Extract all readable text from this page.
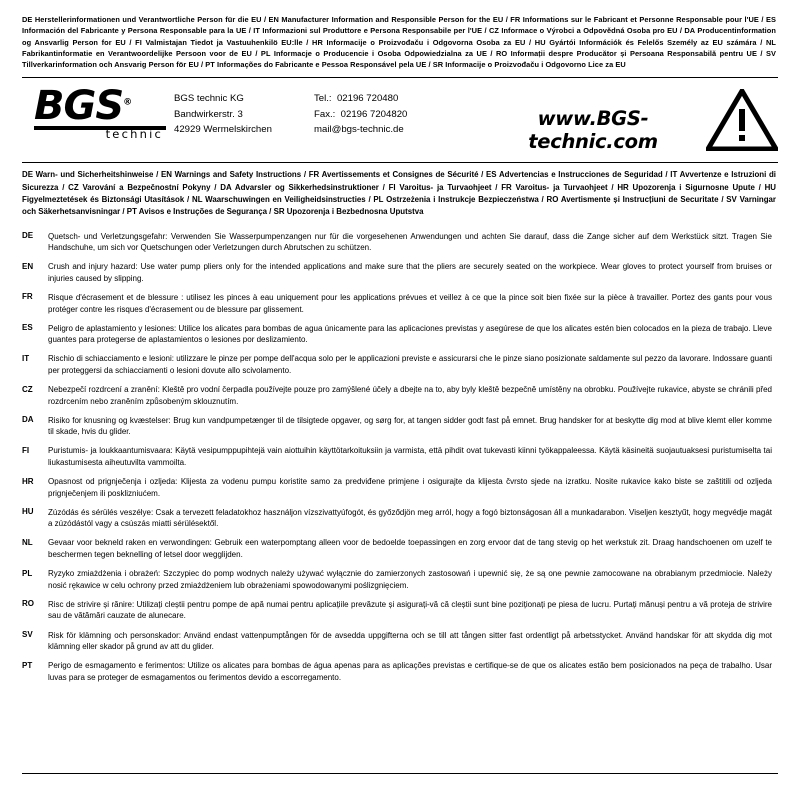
DE Herstellerinformationen und Verantwortliche Person für die EU / EN Manufacturer Information and Responsible Person for the EU / FR Informations sur le Fabricant et Personne Responsable pour l'UE / ES Información del Fabricante y Persona Responsable para la UE / IT Informazioni sul Produttore e Persona Responsabile per l'UE / CZ Informace o Výrobci a Odpovědná Osoba pro EU / DA Producentinformation og Ansvarlig Person for EU / FI Valmistajan Tiedot ja Vastuuhenkilö EU:lle / HR Informacije o Proizvođaču i Odgovorna Osoba za EU / HU Gyártói Információk és Felelős Személy az EU számára / NL Fabrikantinformatie en Verantwoordelijke Persoon voor de EU / PL Informacje o Producencie i Osoba Odpowiedzialna za UE / RO Informații despre Producător și Persoana Responsabilă pentru UE / SV Tillverkarinformation och Ansvarig Person för EU / PT Informações do Fabricante e Pessoa Responsável pela UE / SR Informacije o Proizvođaču i Odgovorno Lice za EU
BGS®
technic
BGS technic KG
Bandwirkerstr. 3
42929 Wermelskirchen
Tel.: 02196 720480
Fax.: 02196 7204820
mail@bgs-technic.de	www.BGS-technic.com
DE Warn- und Sicherheitshinweise / EN Warnings and Safety Instructions / FR Avertissements et Consignes de Sécurité / ES Advertencias e Instrucciones de Seguridad / IT Avvertenze e Istruzioni di Sicurezza / CZ Varování a Bezpečnostní Pokyny / DA Advarsler og Sikkerhedsinstruktioner / FI Varoitus- ja Turvaohjeet / FR Varoitus- ja Turvaohjeet / HR Upozorenja i Sigurnosne Upute / HU Figyelmeztetések és Biztonsági Utasítások / NL Waarschuwingen en Veiligheidsinstructies / PL Ostrzeżenia i Instrukcje Bezpieczeństwa / RO Avertismente și Instrucțiuni de Securitate / SV Varningar och Säkerhetsanvisningar / PT Avisos e Instruções de Segurança / SR Upozorenja i Bezbednosna Uputstva
DE	Quetsch- und Verletzungsgefahr: Verwenden Sie Wasserpumpenzangen nur für die vorgesehenen Anwendungen und achten Sie darauf, dass die Zange sicher auf dem Werkstück sitzt. Tragen Sie Handschuhe, um sich vor Quetschungen oder Verletzungen durch Abrutschen zu schützen.
EN	Crush and injury hazard: Use water pump pliers only for the intended applications and make sure that the pliers are securely seated on the workpiece. Wear gloves to protect yourself from bruises or injuries caused by slipping.
FR	Risque d'écrasement et de blessure : utilisez les pinces à eau uniquement pour les applications prévues et veillez à ce que la pince soit bien fixée sur la pièce à travailler. Portez des gants pour vous protéger contre les risques d'écrasement ou de blessure par glissement.
ES	Peligro de aplastamiento y lesiones: Utilice los alicates para bombas de agua únicamente para las aplicaciones previstas y asegúrese de que los alicates estén bien colocados en la pieza de trabajo. Lleve guantes para protegerse de aplastamientos o lesiones por deslizamiento.
IT	Rischio di schiacciamento e lesioni: utilizzare le pinze per pompe dell'acqua solo per le applicazioni previste e assicurarsi che le pinze siano posizionate saldamente sul pezzo da lavorare. Indossare guanti per proteggersi da schiacciamenti o lesioni dovute allo scivolamento.
CZ	Nebezpečí rozdrcení a zranění: Kleště pro vodní čerpadla používejte pouze pro zamýšlené účely a dbejte na to, aby byly kleště bezpečně umístěny na obrobku. Používejte rukavice, abyste se chránili před rozdrcením nebo zraněním způsobeným sklouznutím.
DA	Risiko for knusning og kvæstelser: Brug kun vandpumpetænger til de tilsigtede opgaver, og sørg for, at tangen sidder godt fast på emnet. Brug handsker for at beskytte dig mod at blive klemt eller komme til skade, hvis du glider.
FI	Puristumis- ja loukkaantumisvaara: Käytä vesipumppupihtejä vain aiottuihin käyttötarkoituksiin ja varmista, että pihdit ovat tukevasti kiinni työkappaleessa. Käytä käsineitä suojautuaksesi puristumiselta tai liukastumisesta aiheutuvilta vammoilta.
HR	Opasnost od prignječenja i ozljeda: Klijesta za vodenu pumpu koristite samo za predviđene primjene i osigurajte da klijesta čvrsto sjede na izratku. Nosite rukavice kako biste se zaštitili od ozljeda prignječenjem ili posklizniućem.
HU	Zúzódás és sérülés veszélye: Csak a tervezett feladatokhoz használjon vízszivattyúfogót, és győződjön meg arról, hogy a fogó biztonságosan áll a munkadarabon. Viseljen kesztyűt, hogy megvédje magát a zúzódástól vagy a csúszás miatti sérülésektől.
NL	Gevaar voor bekneld raken en verwondingen: Gebruik een waterpomptang alleen voor de bedoelde toepassingen en zorg ervoor dat de tang stevig op het werkstuk zit. Draag handschoenen om uzelf te beschermen tegen beknelling of letsel door wegglijden.
PL	Ryzyko zmiażdżenia i obrażeń: Szczypiec do pomp wodnych należy używać wyłącznie do zamierzonych zastosowań i upewnić się, że są one pewnie zamocowane na obrabianym przedmiocie. Należy nosić rękawice w celu ochrony przed zmiażdżeniem lub obrażeniami spowodowanymi poślizgnięciem.
RO	Risc de strivire și rănire: Utilizați cleștii pentru pompe de apă numai pentru aplicațiile prevăzute și asigurați-vă că cleștii sunt bine poziționați pe piesa de lucru. Purtați mănuși pentru a vă proteja de strivire sau de vătămări cauzate de alunecare.
SV	Risk för klämning och personskador: Använd endast vattenpumptången för de avsedda uppgifterna och se till att tången sitter fast ordentligt på arbetsstycket. Använd handskar för att skydda dig mot klämning eller skador på grund av att du glider.
PT	Perigo de esmagamento e ferimentos: Utilize os alicates para bombas de água apenas para as aplicações previstas e certifique-se de que os alicates estão bem posicionados na peça de trabalho. Usar luvas para se proteger de esmagamentos ou ferimentos devido a escorregamento.
